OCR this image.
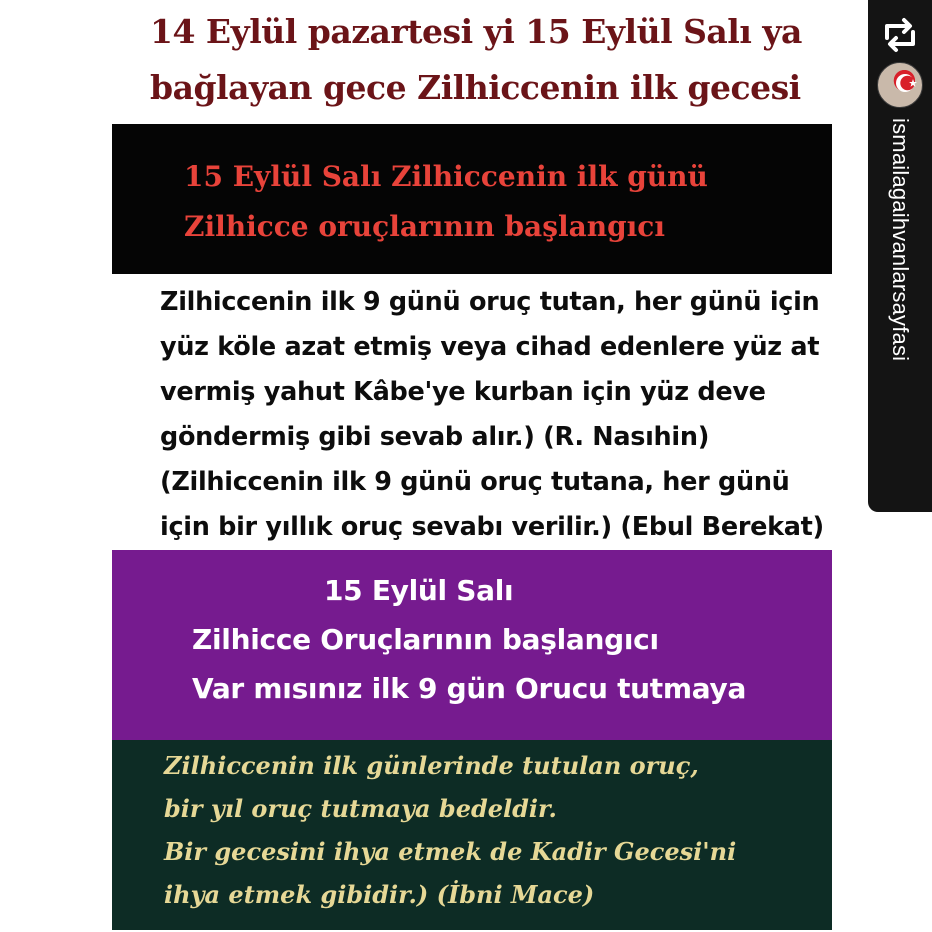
14 Eylül pazartesi yi 15 Eylül Salı ya
bağlayan gece Zilhiccenin ilk gecesi
15 Eylül Salı Zilhiccenin ilk günü
Zilhicce oruçlarının başlangıcı
Zilhiccenin ilk 9 günü oruç tutan, her günü için
yüz köle azat etmiş veya cihad edenlere yüz at
vermiş yahut Kâbe'ye kurban için yüz deve
göndermiş gibi sevab alır.) (R. Nasıhin)
(Zilhiccenin ilk 9 günü oruç tutana, her günü
için bir yıllık oruç sevabı verilir.) (Ebul Berekat)
15 Eylül Salı
Zilhicce Oruçlarının başlangıcı
Var mısınız ilk 9 gün Orucu tutmaya
Zilhiccenin ilk günlerinde tutulan oruç,
bir yıl oruç tutmaya bedeldir.
Bir gecesini ihya etmek de Kadir Gecesi'ni
ihya etmek gibidir.) (İbni Mace)
ismailagaihvanlarsayfasi
